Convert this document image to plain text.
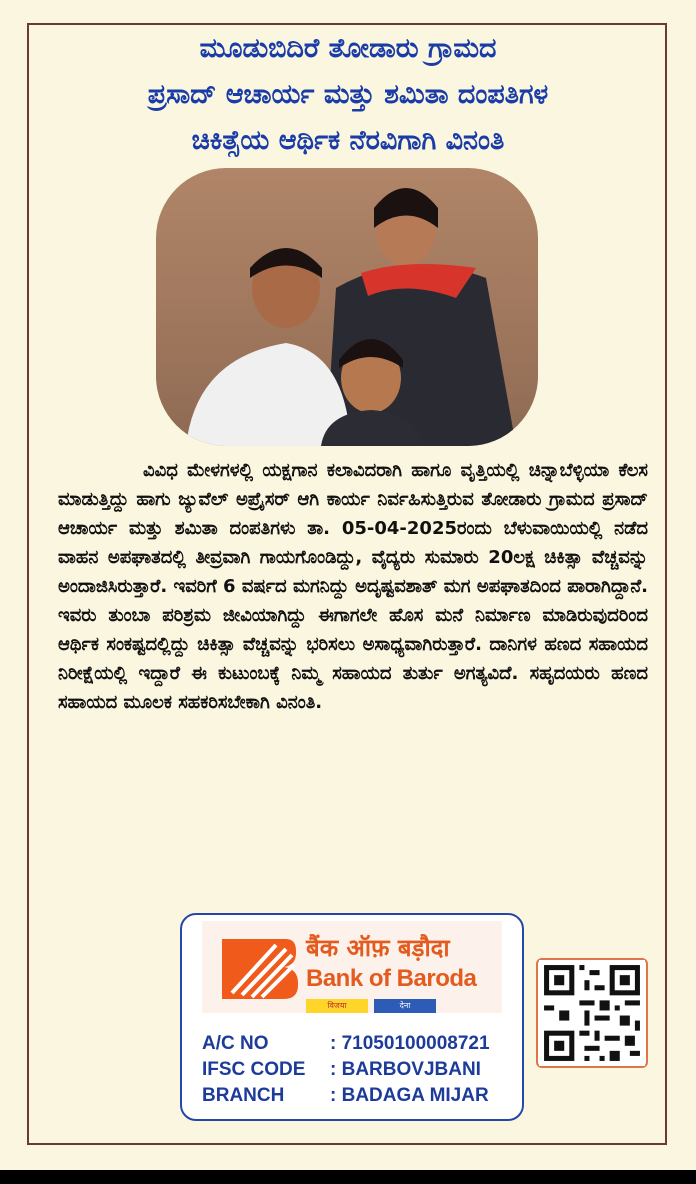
ಮೂಡುಬಿದಿರೆ ತೋಡಾರು ಗ್ರಾಮದ
ಪ್ರಸಾದ್ ಆಚಾರ್ಯ ಮತ್ತು ಶಮಿತಾ ದಂಪತಿಗಳ
ಚಿಕಿತ್ಸೆಯ ಆರ್ಥಿಕ ನೆರವಿಗಾಗಿ ವಿನಂತಿ
ವಿವಿಧ ಮೇಳಗಳಲ್ಲಿ ಯಕ್ಷಗಾನ ಕಲಾವಿದರಾಗಿ ಹಾಗೂ ವೃತ್ತಿಯಲ್ಲಿ ಚಿನ್ನಾಬೆಳ್ಳಿಯಾ ಕೆಲಸ ಮಾಡುತ್ತಿದ್ದು ಹಾಗು ಜ್ಯುವೆಲ್ ಅಪ್ರೈಸರ್ ಆಗಿ ಕಾರ್ಯ ನಿರ್ವಹಿಸುತ್ತಿರುವ ತೋಡಾರು ಗ್ರಾಮದ ಪ್ರಸಾದ್ ಆಚಾರ್ಯ ಮತ್ತು ಶಮಿತಾ ದಂಪತಿಗಳು ತಾ. 05-04-2025ರಂದು ಬೆಳುವಾಯಿಯಲ್ಲಿ ನಡೆದ ವಾಹನ ಅಪಘಾತದಲ್ಲಿ ತೀವ್ರವಾಗಿ ಗಾಯಗೊಂಡಿದ್ದು, ವೈದ್ಯರು ಸುಮಾರು 20ಲಕ್ಷ ಚಿಕಿತ್ಸಾ ವೆಚ್ಚವನ್ನು ಅಂದಾಜಿಸಿರುತ್ತಾರೆ. ಇವರಿಗೆ 6 ವರ್ಷದ ಮಗನಿದ್ದು ಅದೃಷ್ಟವಶಾತ್ ಮಗ ಅಪಘಾತದಿಂದ ಪಾರಾಗಿದ್ದಾನೆ. ಇವರು ತುಂಬಾ ಪರಿಶ್ರಮ ಜೀವಿಯಾಗಿದ್ದು ಈಗಾಗಲೇ ಹೊಸ ಮನೆ ನಿರ್ಮಾಣ ಮಾಡಿರುವುದರಿಂದ ಆರ್ಥಿಕ ಸಂಕಷ್ಟದಲ್ಲಿದ್ದು ಚಿಕಿತ್ಸಾ ವೆಚ್ಚವನ್ನು ಭರಿಸಲು ಅಸಾಧ್ಯವಾಗಿರುತ್ತಾರೆ. ದಾನಿಗಳ ಹಣದ ಸಹಾಯದ ನಿರೀಕ್ಷೆಯಲ್ಲಿ ಇದ್ದಾರೆ ಈ ಕುಟುಂಬಕ್ಕೆ ನಿಮ್ಮ ಸಹಾಯದ ತುರ್ತು ಅಗತ್ಯವಿದೆ. ಸಹೃದಯರು ಹಣದ ಸಹಾಯದ ಮೂಲಕ ಸಹಕರಿಸಬೇಕಾಗಿ ವಿನಂತಿ.
बैंक ऑफ़ बड़ौदा
Bank of Baroda
विजया	देना
A/C NO	: 71050100008721
IFSC CODE : BARBOVJBANI
BRANCH : BADAGA MIJAR
